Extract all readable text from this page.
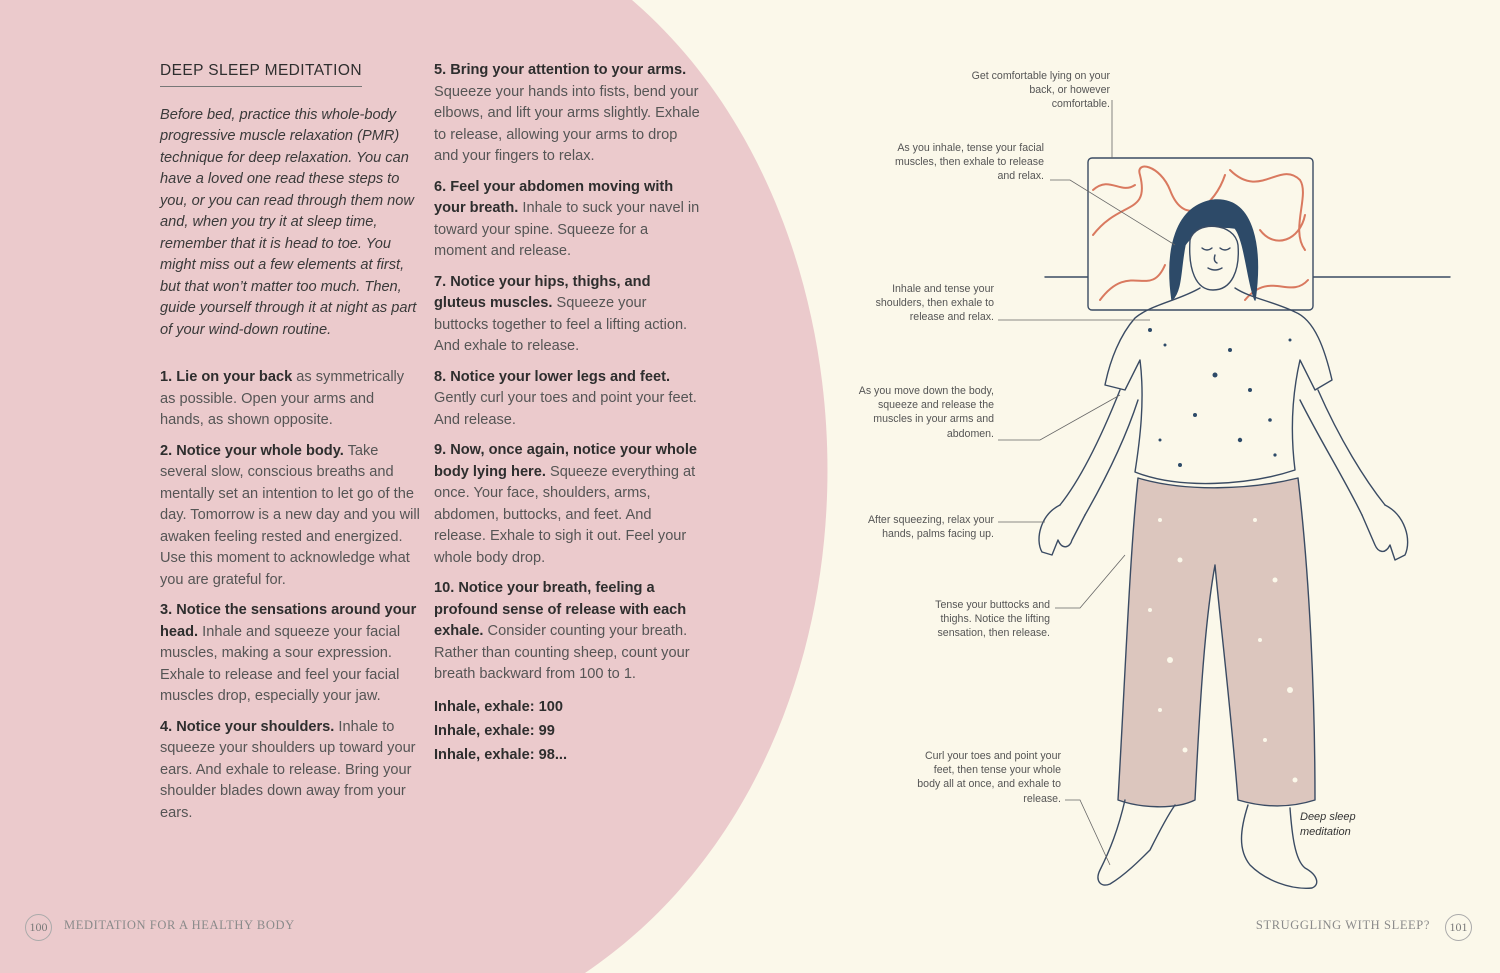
DEEP SLEEP MEDITATION

Before bed, practice this whole-body progressive muscle relaxation (PMR) technique for deep relaxation. You can have a loved one read these steps to you, or you can read through them now and, when you try it at sleep time, remember that it is head to toe. You might miss out a few elements at first, but that won’t matter too much. Then, guide yourself through it at night as part of your wind-down routine.

1. Lie on your back as symmetrically as possible. Open your arms and hands, as shown opposite.

2. Notice your whole body. Take several slow, conscious breaths and mentally set an intention to let go of the day. Tomorrow is a new day and you will awaken feeling rested and energized. Use this moment to acknowledge what you are grateful for.

3. Notice the sensations around your head. Inhale and squeeze your facial muscles, making a sour expression. Exhale to release and feel your facial muscles drop, especially your jaw.

4. Notice your shoulders. Inhale to squeeze your shoulders up toward your ears. And exhale to release. Bring your shoulder blades down away from your ears.

5. Bring your attention to your arms. Squeeze your hands into fists, bend your elbows, and lift your arms slightly. Exhale to release, allowing your arms to drop and your fingers to relax.

6. Feel your abdomen moving with your breath. Inhale to suck your navel in toward your spine. Squeeze for a moment and release.

7. Notice your hips, thighs, and gluteus muscles. Squeeze your buttocks together to feel a lifting action. And exhale to release.

8. Notice your lower legs and feet. Gently curl your toes and point your feet. And release.

9. Now, once again, notice your whole body lying here. Squeeze everything at once. Your face, shoulders, arms, abdomen, buttocks, and feet. And release. Exhale to sigh it out. Feel your whole body drop.

10. Notice your breath, feeling a profound sense of release with each exhale. Consider counting your breath. Rather than counting sheep, count your breath backward from 100 to 1.

Inhale, exhale: 100
Inhale, exhale: 99
Inhale, exhale: 98...
100	MEDITATION FOR A HEALTHY BODY	STRUGGLING WITH SLEEP?	101
Get comfortable lying on your back, or however comfortable.
As you inhale, tense your facial muscles, then exhale to release and relax.
Inhale and tense your shoulders, then exhale to release and relax.
As you move down the body, squeeze and release the muscles in your arms and abdomen.
After squeezing, relax your hands, palms facing up.
Tense your buttocks and thighs. Notice the lifting sensation, then release.
Curl your toes and point your feet, then tense your whole body all at once, and exhale to release.
Deep sleep meditation
